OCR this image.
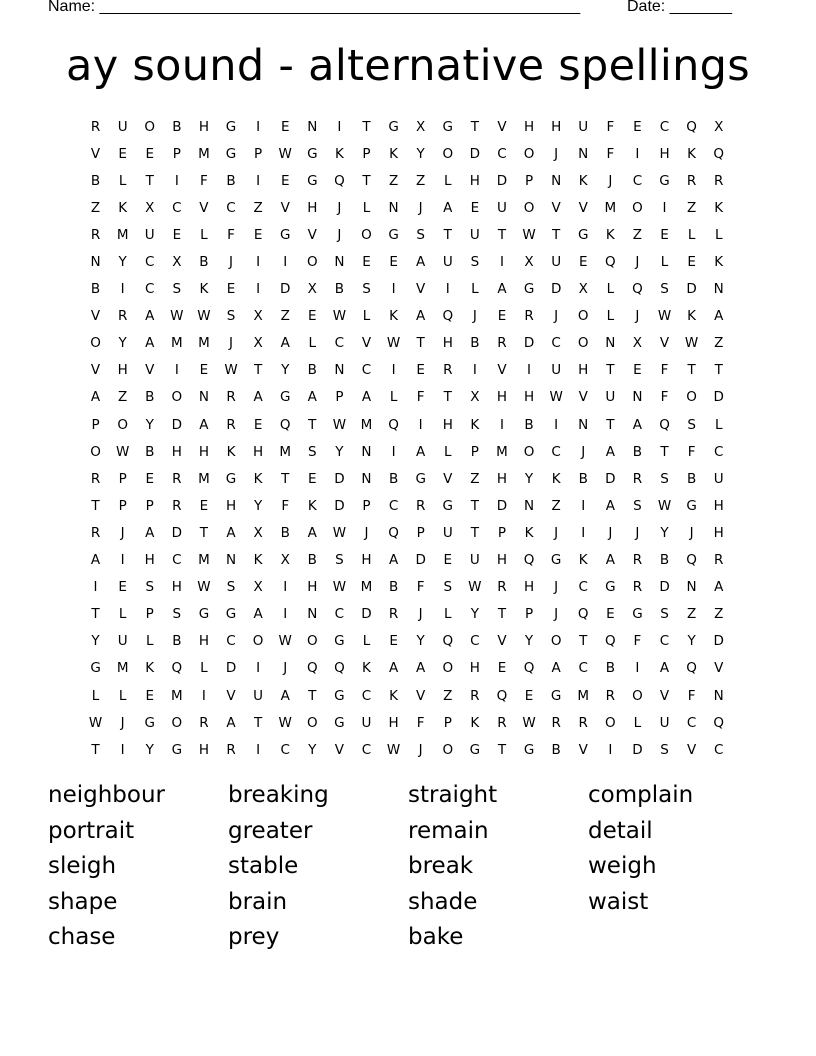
Name: ______________________________________________________	Date: _______
ay sound - alternative spellings
R	U	O	B	H	G	I	E	N	I	T	G	X	G	T	V	H	H	U	F	E	C	Q	X
V	E	E	P	M	G	P	W	G	K	P	K	Y	O	D	C	O	J	N	F	I	H	K	Q
B	L	T	I	F	B	I	E	G	Q	T	Z	Z	L	H	D	P	N	K	J	C	G	R	R
Z	K	X	C	V	C	Z	V	H	J	L	N	J	A	E	U	O	V	V	M	O	I	Z	K
R	M	U	E	L	F	E	G	V	J	O	G	S	T	U	T	W	T	G	K	Z	E	L	L
N	Y	C	X	B	J	I	I	O	N	E	E	A	U	S	I	X	U	E	Q	J	L	E	K
B	I	C	S	K	E	I	D	X	B	S	I	V	I	L	A	G	D	X	L	Q	S	D	N
V	R	A	W	W	S	X	Z	E	W	L	K	A	Q	J	E	R	J	O	L	J	W	K	A
O	Y	A	M	M	J	X	A	L	C	V	W	T	H	B	R	D	C	O	N	X	V	W	Z
V	H	V	I	E	W	T	Y	B	N	C	I	E	R	I	V	I	U	H	T	E	F	T	T
A	Z	B	O	N	R	A	G	A	P	A	L	F	T	X	H	H	W	V	U	N	F	O	D
P	O	Y	D	A	R	E	Q	T	W	M	Q	I	H	K	I	B	I	N	T	A	Q	S	L
O	W	B	H	H	K	H	M	S	Y	N	I	A	L	P	M	O	C	J	A	B	T	F	C
R	P	E	R	M	G	K	T	E	D	N	B	G	V	Z	H	Y	K	B	D	R	S	B	U
T	P	P	R	E	H	Y	F	K	D	P	C	R	G	T	D	N	Z	I	A	S	W	G	H
R	J	A	D	T	A	X	B	A	W	J	Q	P	U	T	P	K	J	I	J	J	Y	J	H
A	I	H	C	M	N	K	X	B	S	H	A	D	E	U	H	Q	G	K	A	R	B	Q	R
I	E	S	H	W	S	X	I	H	W	M	B	F	S	W	R	H	J	C	G	R	D	N	A
T	L	P	S	G	G	A	I	N	C	D	R	J	L	Y	T	P	J	Q	E	G	S	Z	Z
Y	U	L	B	H	C	O	W	O	G	L	E	Y	Q	C	V	Y	O	T	Q	F	C	Y	D
G	M	K	Q	L	D	I	J	Q	Q	K	A	A	O	H	E	Q	A	C	B	I	A	Q	V
L	L	E	M	I	V	U	A	T	G	C	K	V	Z	R	Q	E	G	M	R	O	V	F	N
W	J	G	O	R	A	T	W	O	G	U	H	F	P	K	R	W	R	R	O	L	U	C	Q
T	I	Y	G	H	R	I	C	Y	V	C	W	J	O	G	T	G	B	V	I	D	S	V	C
neighbour	breaking	straight	complain
portrait	greater	remain	detail
sleigh	stable	break	weigh
shape	brain	shade	waist
chase	prey	bake
